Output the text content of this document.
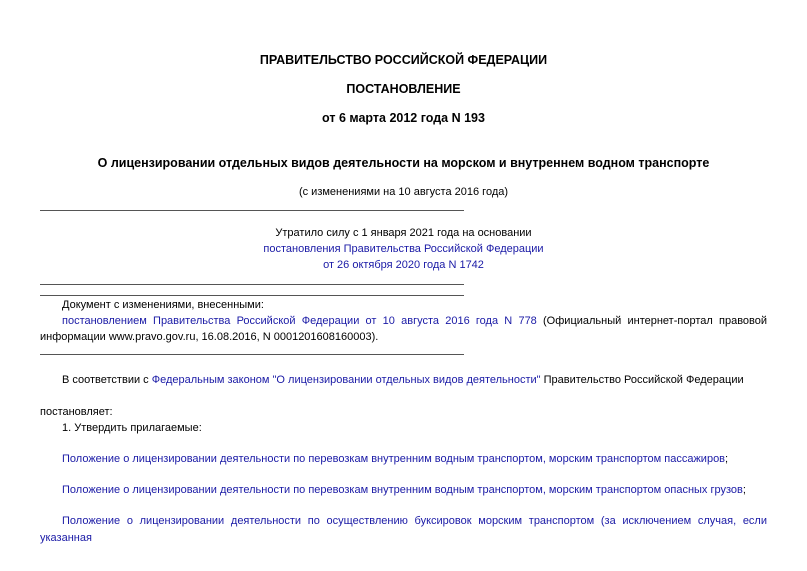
ПРАВИТЕЛЬСТВО РОССИЙСКОЙ ФЕДЕРАЦИИ
ПОСТАНОВЛЕНИЕ
от 6 марта 2012 года N 193
О лицензировании отдельных видов деятельности на морском и внутреннем водном транспорте
(с изменениями на 10 августа 2016 года)
Утратило силу с 1 января 2021 года на основании
постановления Правительства Российской Федерации
от 26 октября 2020 года N 1742
Документ с изменениями, внесенными:
постановлением Правительства Российской Федерации от 10 августа 2016 года N 778 (Официальный интернет-портал правовой
информации www.pravo.gov.ru, 16.08.2016, N 0001201608160003).
В соответствии с Федеральным законом "О лицензировании отдельных видов деятельности" Правительство Российской Федерации
постановляет:
1. Утвердить прилагаемые:
Положение о лицензировании деятельности по перевозкам внутренним водным транспортом, морским транспортом пассажиров;
Положение о лицензировании деятельности по перевозкам внутренним водным транспортом, морским транспортом опасных грузов;
Положение о лицензировании деятельности по осуществлению буксировок морским транспортом (за исключением случая, если указанная
